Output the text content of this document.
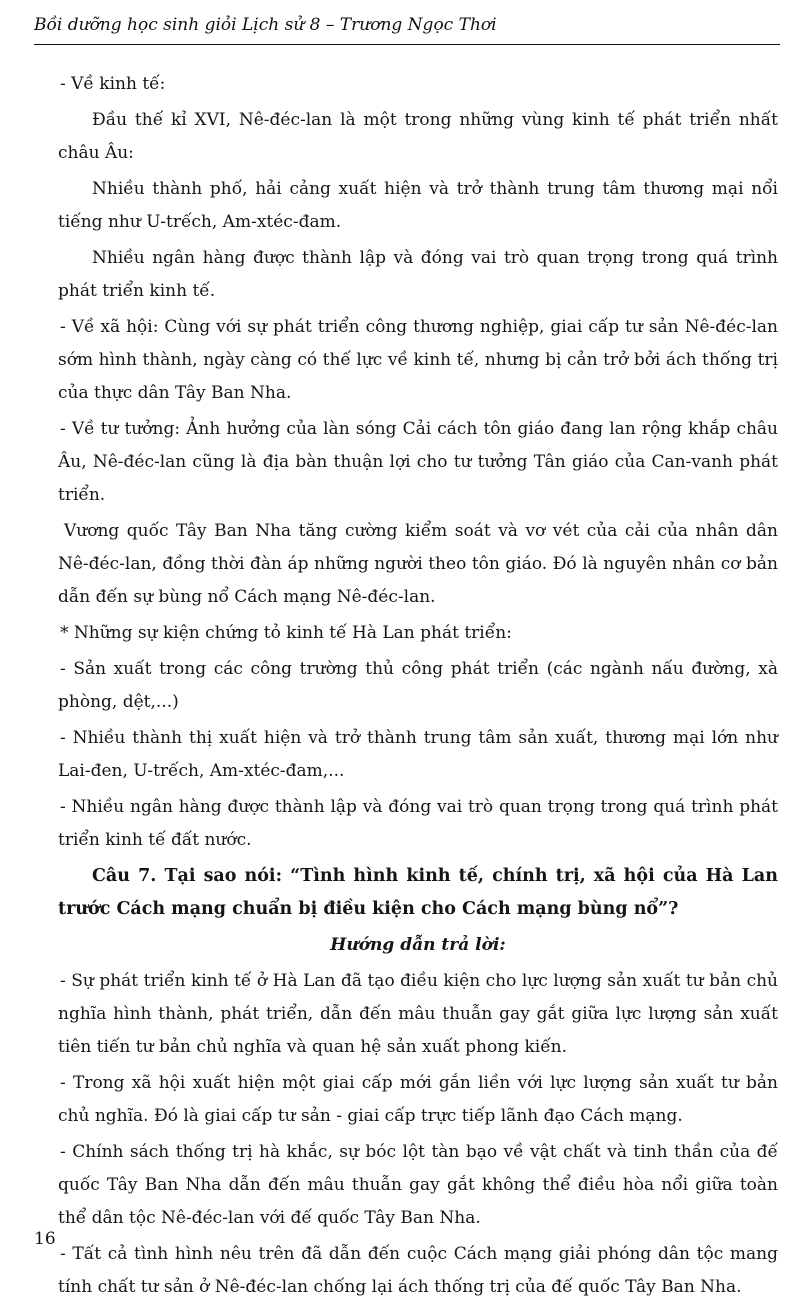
Bồi dưỡng học sinh giỏi Lịch sử 8 – Trương Ngọc Thơi

- Về kinh tế:

Đầu thế kỉ XVI, Nê-đéc-lan là một trong những vùng kinh tế phát triển nhất châu Âu:

Nhiều thành phố, hải cảng xuất hiện và trở thành trung tâm thương mại nổi tiếng như U-trếch, Am-xtéc-đam.

Nhiều ngân hàng được thành lập và đóng vai trò quan trọng trong quá trình phát triển kinh tế.

- Về xã hội: Cùng với sự phát triển công thương nghiệp, giai cấp tư sản Nê-đéc-lan sớm hình thành, ngày càng có thế lực về kinh tế, nhưng bị cản trở bởi ách thống trị của thực dân Tây Ban Nha.

- Về tư tưởng: Ảnh hưởng của làn sóng Cải cách tôn giáo đang lan rộng khắp châu Âu, Nê-đéc-lan cũng là địa bàn thuận lợi cho tư tưởng Tân giáo của Can-vanh phát triển.

Vương quốc Tây Ban Nha tăng cường kiểm soát và vơ vét của cải của nhân dân Nê-đéc-lan, đồng thời đàn áp những người theo tôn giáo. Đó là nguyên nhân cơ bản dẫn đến sự bùng nổ Cách mạng Nê-đéc-lan.

* Những sự kiện chứng tỏ kinh tế Hà Lan phát triển:

- Sản xuất trong các công trường thủ công phát triển (các ngành nấu đường, xà phòng, dệt,...)

- Nhiều thành thị xuất hiện và trở thành trung tâm sản xuất, thương mại lớn như Lai-đen, U-trếch, Am-xtéc-đam,...

- Nhiều ngân hàng được thành lập và đóng vai trò quan trọng trong quá trình phát triển kinh tế đất nước.

Câu 7. Tại sao nói: “Tình hình kinh tế, chính trị, xã hội của Hà Lan trước Cách mạng chuẩn bị điều kiện cho Cách mạng bùng nổ”?

Hướng dẫn trả lời:

- Sự phát triển kinh tế ở Hà Lan đã tạo điều kiện cho lực lượng sản xuất tư bản chủ nghĩa hình thành, phát triển, dẫn đến mâu thuẫn gay gắt giữa lực lượng sản xuất tiên tiến tư bản chủ nghĩa và quan hệ sản xuất phong kiến.

- Trong xã hội xuất hiện một giai cấp mới gắn liền với lực lượng sản xuất tư bản chủ nghĩa. Đó là giai cấp tư sản - giai cấp trực tiếp lãnh đạo Cách mạng.

- Chính sách thống trị hà khắc, sự bóc lột tàn bạo về vật chất và tinh thần của đế quốc Tây Ban Nha dẫn đến mâu thuẫn gay gắt không thể điều hòa nổi giữa toàn thể dân tộc Nê-đéc-lan với đế quốc Tây Ban Nha.

- Tất cả tình hình nêu trên đã dẫn đến cuộc Cách mạng giải phóng dân tộc mang tính chất tư sản ở Nê-đéc-lan chống lại ách thống trị của đế quốc Tây Ban Nha.

16
